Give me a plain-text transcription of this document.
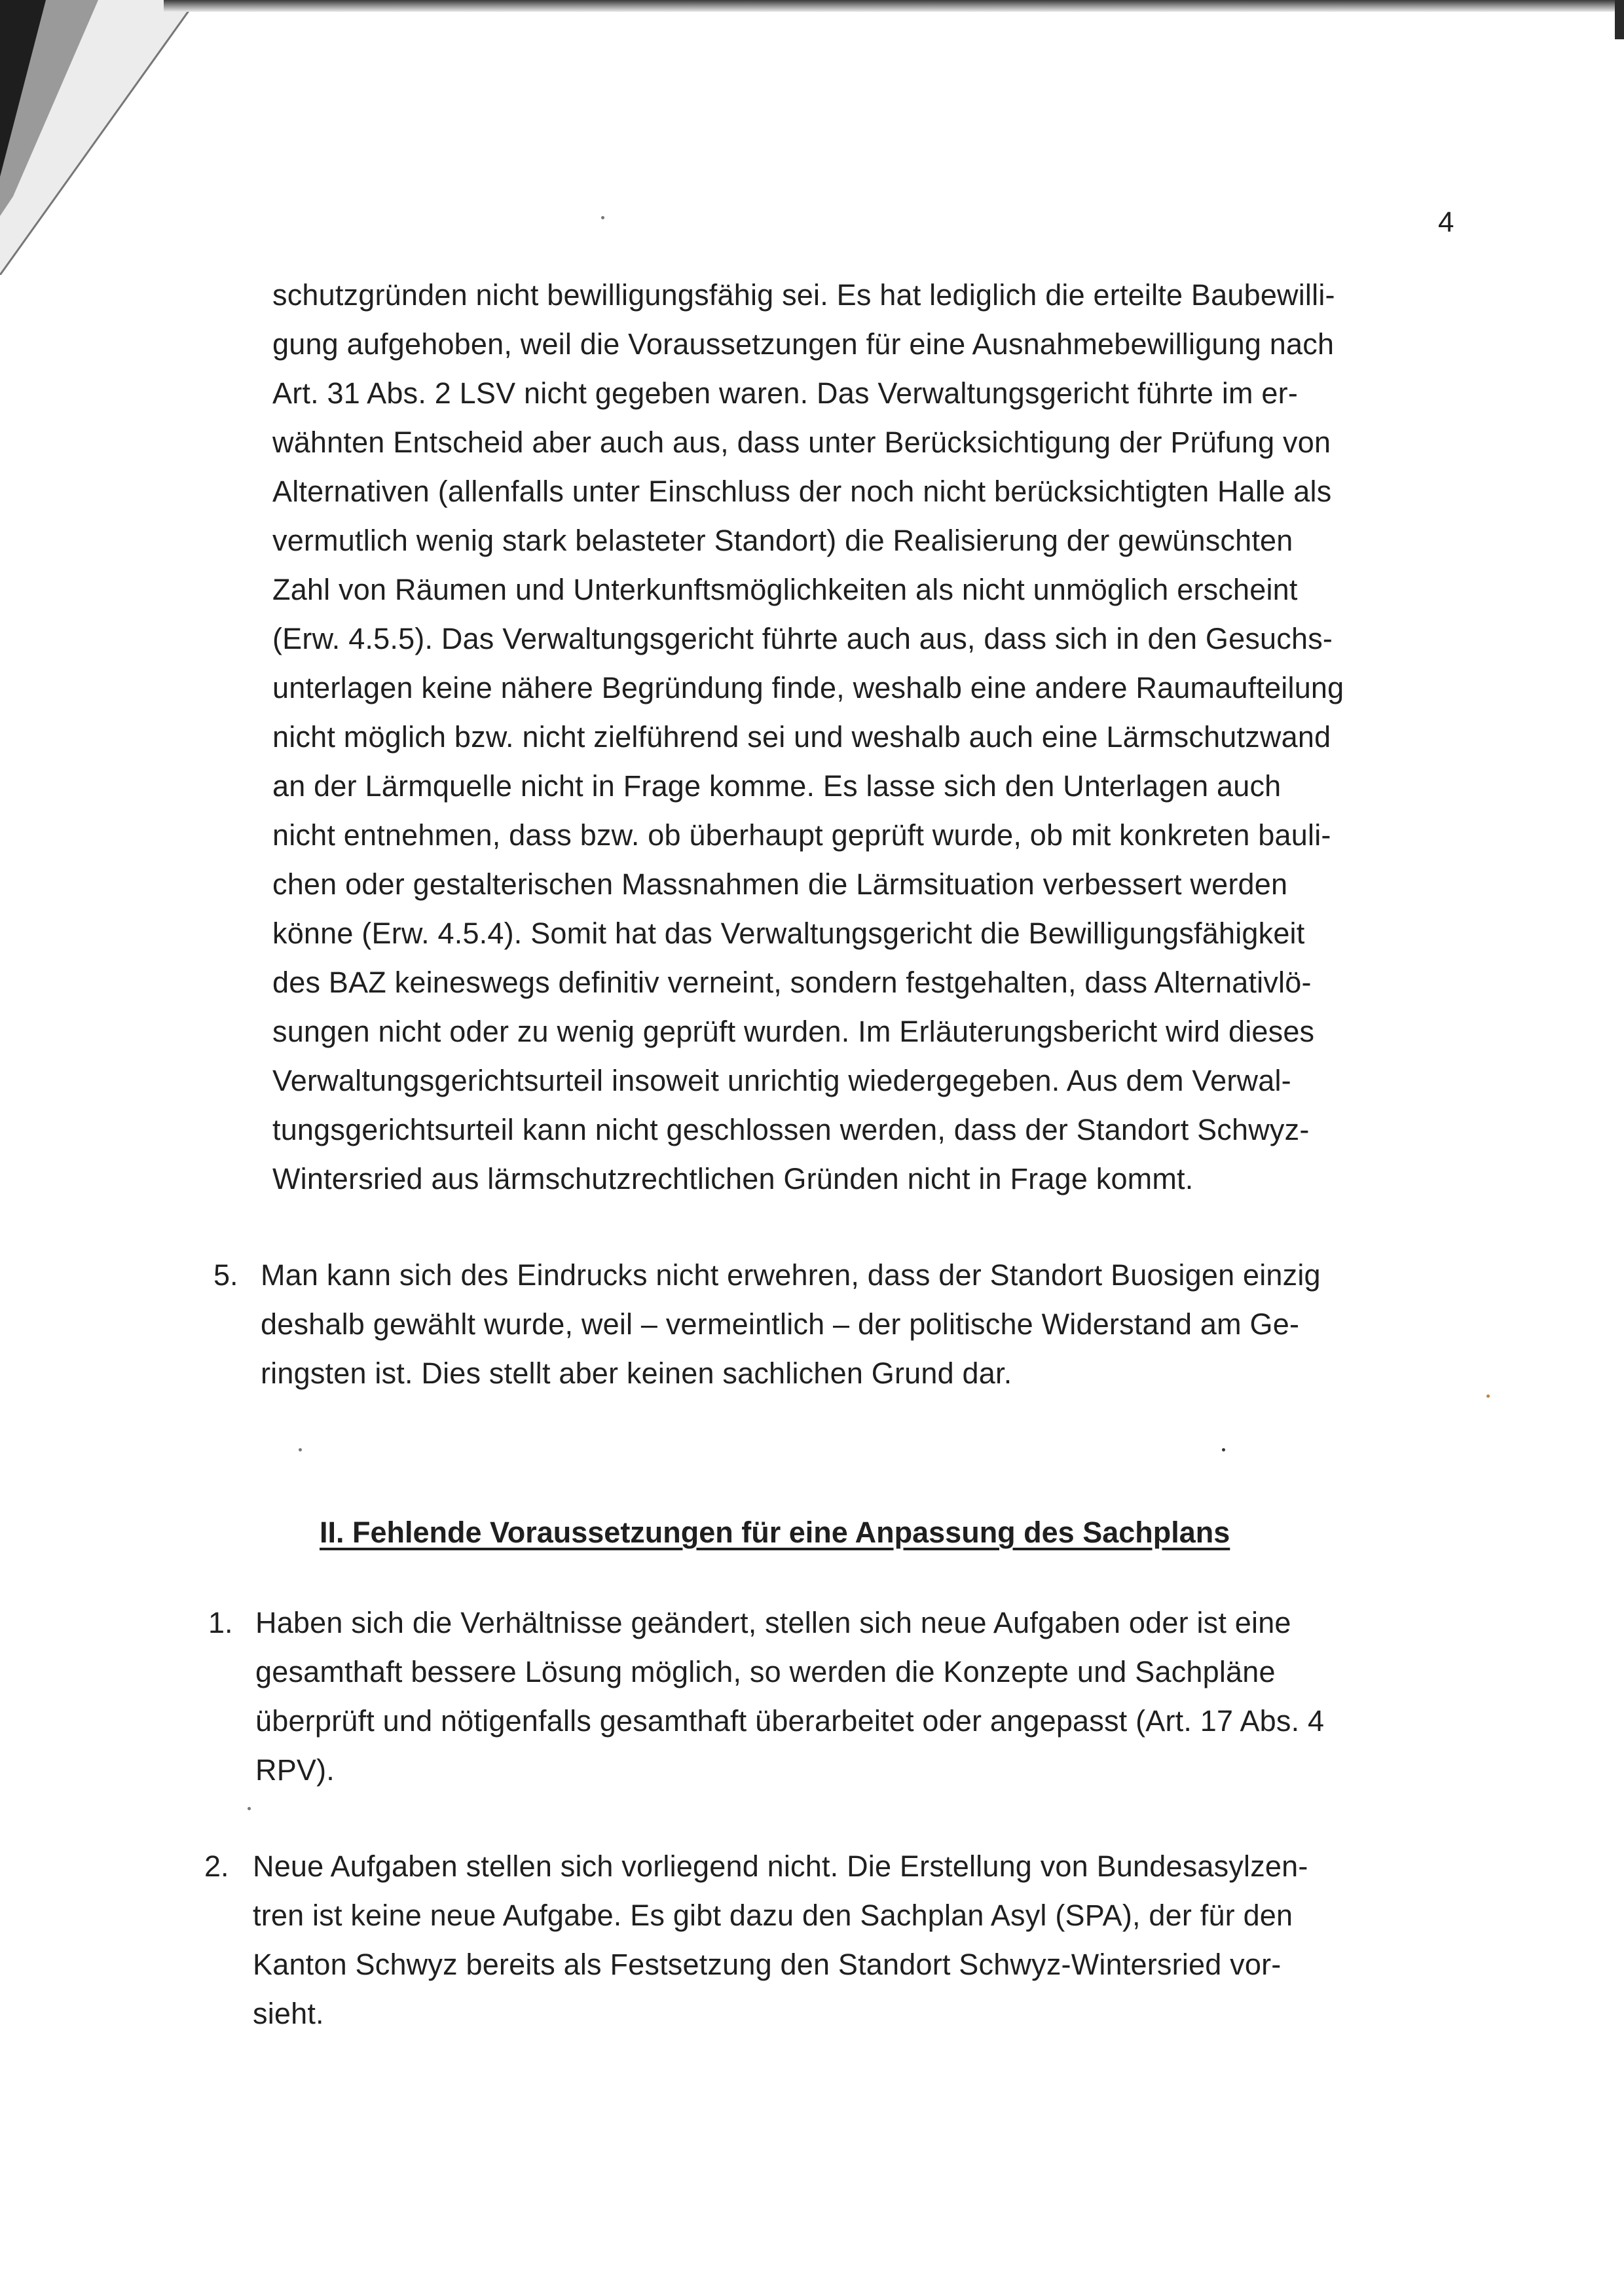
4
schutzgründen nicht bewilligungsfähig sei. Es hat lediglich die erteilte Baubewilli-
gung aufgehoben, weil die Voraussetzungen für eine Ausnahmebewilligung nach
Art. 31 Abs. 2 LSV nicht gegeben waren. Das Verwaltungsgericht führte im er-
wähnten Entscheid aber auch aus, dass unter Berücksichtigung der Prüfung von
Alternativen (allenfalls unter Einschluss der noch nicht berücksichtigten Halle als
vermutlich wenig stark belasteter Standort) die Realisierung der gewünschten
Zahl von Räumen und Unterkunftsmöglichkeiten als nicht unmöglich erscheint
(Erw. 4.5.5). Das Verwaltungsgericht führte auch aus, dass sich in den Gesuchs-
unterlagen keine nähere Begründung finde, weshalb eine andere Raumaufteilung
nicht möglich bzw. nicht zielführend sei und weshalb auch eine Lärmschutzwand
an der Lärmquelle nicht in Frage komme. Es lasse sich den Unterlagen auch
nicht entnehmen, dass bzw. ob überhaupt geprüft wurde, ob mit konkreten bauli-
chen oder gestalterischen Massnahmen die Lärmsituation verbessert werden
könne (Erw. 4.5.4). Somit hat das Verwaltungsgericht die Bewilligungsfähigkeit
des BAZ keineswegs definitiv verneint, sondern festgehalten, dass Alternativlö-
sungen nicht oder zu wenig geprüft wurden. Im Erläuterungsbericht wird dieses
Verwaltungsgerichtsurteil insoweit unrichtig wiedergegeben. Aus dem Verwal-
tungsgerichtsurteil kann nicht geschlossen werden, dass der Standort Schwyz-
Wintersried aus lärmschutzrechtlichen Gründen nicht in Frage kommt.
5. Man kann sich des Eindrucks nicht erwehren, dass der Standort Buosigen einzig
deshalb gewählt wurde, weil – vermeintlich – der politische Widerstand am Ge-
ringsten ist. Dies stellt aber keinen sachlichen Grund dar.
II. Fehlende Voraussetzungen für eine Anpassung des Sachplans
1. Haben sich die Verhältnisse geändert, stellen sich neue Aufgaben oder ist eine
gesamthaft bessere Lösung möglich, so werden die Konzepte und Sachpläne
überprüft und nötigenfalls gesamthaft überarbeitet oder angepasst (Art. 17 Abs. 4
RPV).
2. Neue Aufgaben stellen sich vorliegend nicht. Die Erstellung von Bundesasylzen-
tren ist keine neue Aufgabe. Es gibt dazu den Sachplan Asyl (SPA), der für den
Kanton Schwyz bereits als Festsetzung den Standort Schwyz-Wintersried vor-
sieht.
